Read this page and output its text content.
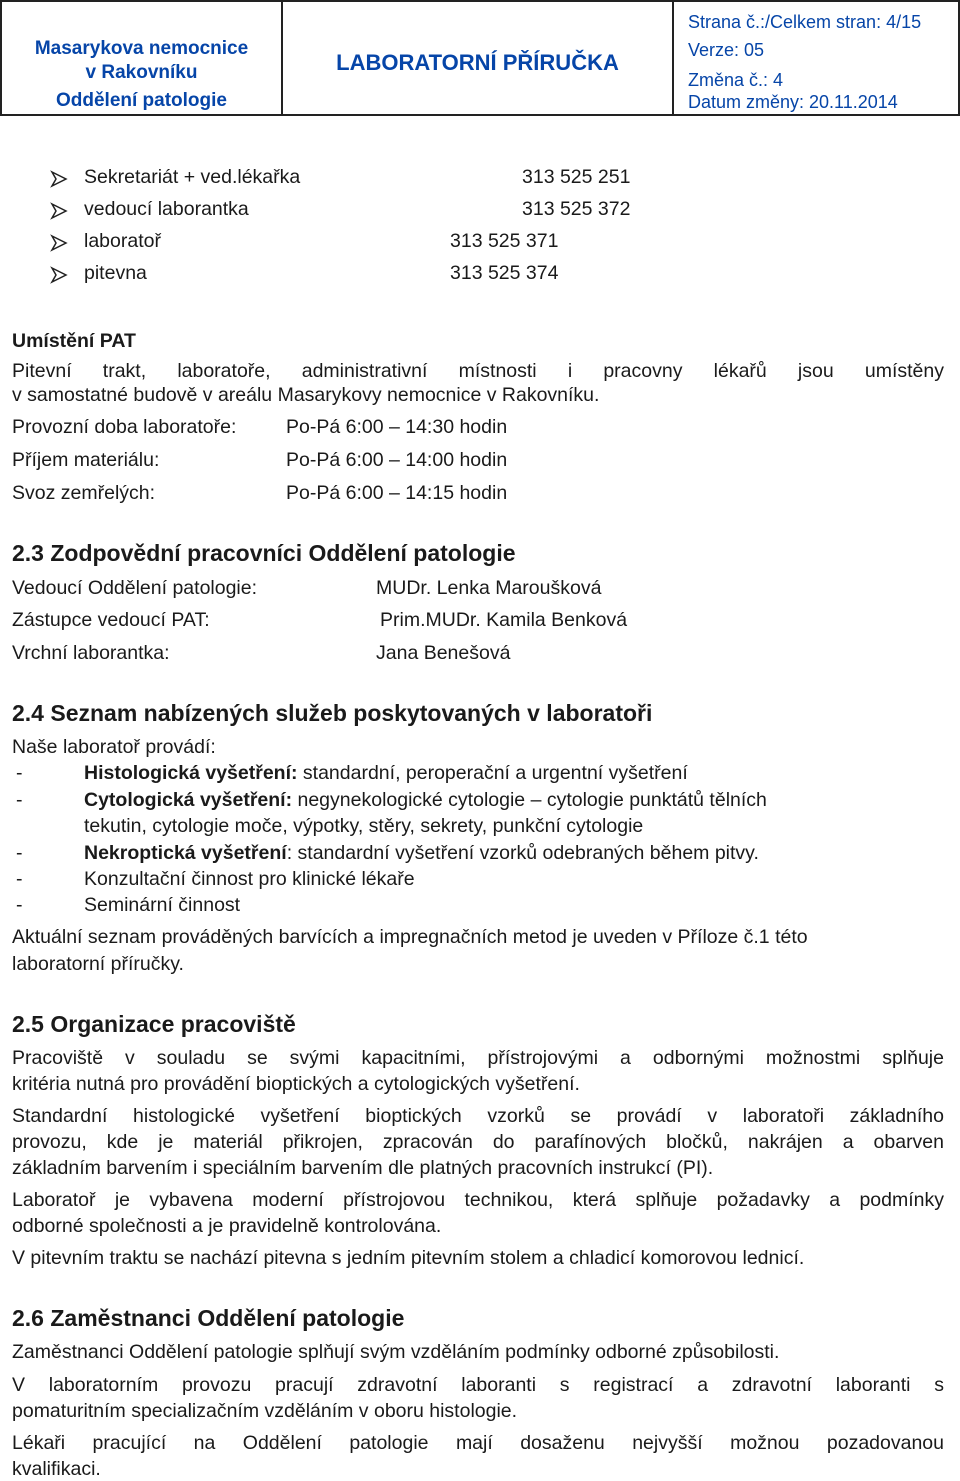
Masarykova nemocnice
v Rakovníku
Oddělení patologie
LABORATORNÍ PŘÍRUČKA
Strana č.:/Celkem stran: 4/15
Verze: 05
Změna č.: 4
Datum změny: 20.11.2014
Sekretariát + ved.lékařka	313 525 251
vedoucí laborantka	313 525 372
laboratoř	313 525 371
pitevna	313 525 374
Umístění PAT
Pitevní trakt, laboratoře, administrativní místnosti i pracovny lékařů jsou umístěny
v samostatné budově v areálu Masarykovy nemocnice v Rakovníku.
Provozní doba laboratoře:	Po-Pá 6:00 – 14:30 hodin
Příjem materiálu:	Po-Pá 6:00 – 14:00 hodin
Svoz zemřelých:	Po-Pá 6:00 – 14:15 hodin
2.3 Zodpovědní pracovníci Oddělení patologie
Vedoucí Oddělení patologie:	MUDr. Lenka Maroušková
Zástupce vedoucí PAT:	Prim.MUDr. Kamila Benková
Vrchní laborantka:	Jana Benešová
2.4 Seznam nabízených služeb poskytovaných v laboratoři
Naše laboratoř provádí:
-	Histologická vyšetření: standardní, peroperační a urgentní vyšetření
-	Cytologická vyšetření: negynekologické cytologie – cytologie punktátů tělních
tekutin, cytologie moče, výpotky, stěry, sekrety, punkční cytologie
-	Nekroptická vyšetření: standardní vyšetření vzorků odebraných během pitvy.
-	Konzultační činnost pro klinické lékaře
-	Seminární činnost
Aktuální seznam prováděných barvících a impregnačních metod je uveden v Příloze č.1 této
laboratorní příručky.
2.5 Organizace pracoviště
Pracoviště v souladu se svými kapacitními, přístrojovými a odbornými možnostmi splňuje
kritéria nutná pro provádění bioptických a cytologických vyšetření.
Standardní histologické vyšetření bioptických vzorků se provádí v laboratoři základního
provozu, kde je materiál přikrojen, zpracován do parafínových bločků, nakrájen a obarven
základním barvením i speciálním barvením dle platných pracovních instrukcí (PI).
Laboratoř je vybavena moderní přístrojovou technikou, která splňuje požadavky a podmínky
odborné společnosti a je pravidelně kontrolována.
V pitevním traktu se nachází pitevna s jedním pitevním stolem a chladicí komorovou lednicí.
2.6 Zaměstnanci Oddělení patologie
Zaměstnanci Oddělení patologie splňují svým vzděláním podmínky odborné způsobilosti.
V laboratorním provozu pracují zdravotní laboranti s registrací a zdravotní laboranti s
pomaturitním specializačním vzděláním v oboru histologie.
Lékaři pracující na Oddělení patologie mají dosaženu nejvyšší možnou pozadovanou
kvalifikaci.
